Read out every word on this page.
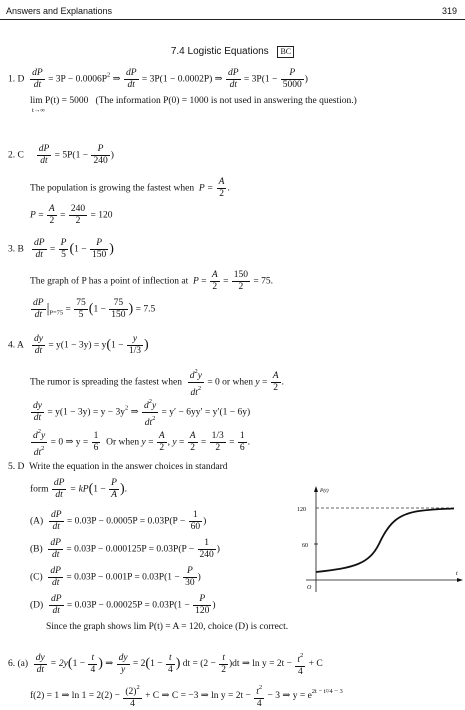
Answers and Explanations	319
7.4 Logistic Equations BC
1. D $\frac{dP}{dt} = 3P - 0.0006P^2$ ⇒ $\frac{dP}{dt} = 3P(1 - 0.0002P)$ ⇒ $\frac{dP}{dt} = 3P(1 - \frac{P}{5000}$ )
lim P(t) = 5000 (The information P(0) = 1000 is not used in answering the question.)
t→∞
2. C $\frac{dP}{dt} = 5P(1 - \frac{P}{240}$ )
The population is growing the fastest when $P = \frac{A}{2}$ .
$P = \frac{A}{2} = \frac{240}{2} = 120$
3. B $\frac{dP}{dt} = \frac{P}{5} (1 - \frac{P}{150}$ )
The graph of P has a point of inflection at $P = \frac{A}{2} = \frac{150}{2} = 75$.
$\frac{dP}{dt} |_{P=75} = \frac{75}{5} (1 - \frac{75}{150}$ ) = 7.5
4. A $\frac{dy}{dt} = y(1 - 3y) = y(1 - \frac{y}{1/3}$ )
The rumor is spreading the fastest when $\frac{d^2y}{dt^2} = 0$ or when $y = \frac{A}{2}$ .
$\frac{dy}{dt} = y(1 - 3y) = y - 3y^2$ ⇒ $\frac{d^2y}{dt^2} = y' - 6yy' = y'(1 - 6y)$
$\frac{d^2y}{dt^2} = 0$ ⇒ $y = \frac{1}{6}$ Or when $y = \frac{A}{2}$ , $y = \frac{A}{2} = \frac{1/3}{2} = \frac{1}{6}$ .
5. D Write the equation in the answer choices in standard
form $\frac{dP}{dt} = kP(1 - \frac{P}{A}$ ).
$(A) \frac{dP}{dt} = 0.03P - 0.0005P = 0.03P(P - \frac{1}{60}$ )
$(B) \frac{dP}{dt} = 0.03P - 0.000125P = 0.03P(P - \frac{1}{240}$ )
$(C) \frac{dP}{dt} = 0.03P - 0.001P = 0.03P(1 - \frac{P}{30}$ )
$(D) \frac{dP}{dt} = 0.03P - 0.00025P = 0.03P(1 - \frac{P}{120}$ )
Since the graph shows lim P(t) = A = 120, choice (D) is correct.
P(t)
120
60
O
t
6. $(a) \frac{dy}{dt} = 2y(1 - \frac{t}{4}$ ) ⇒ $\frac{dy}{y} = 2(1 - \frac{t}{4}$ ) dt = $(2 - \frac{t}{2} )dt$ ⇒ $\ln y = 2t - \frac{t^2}{4} + C$
f(2) = 1 ⇒ $\ln 1 = 2(2) - \frac{(2)^2}{4} + C$ ⇒ C = −3 ⇒ $\ln y = 2t - \frac{t^2}{4} - 3$ ⇒ $y = e^{2t - t^2/4 - 3}$
